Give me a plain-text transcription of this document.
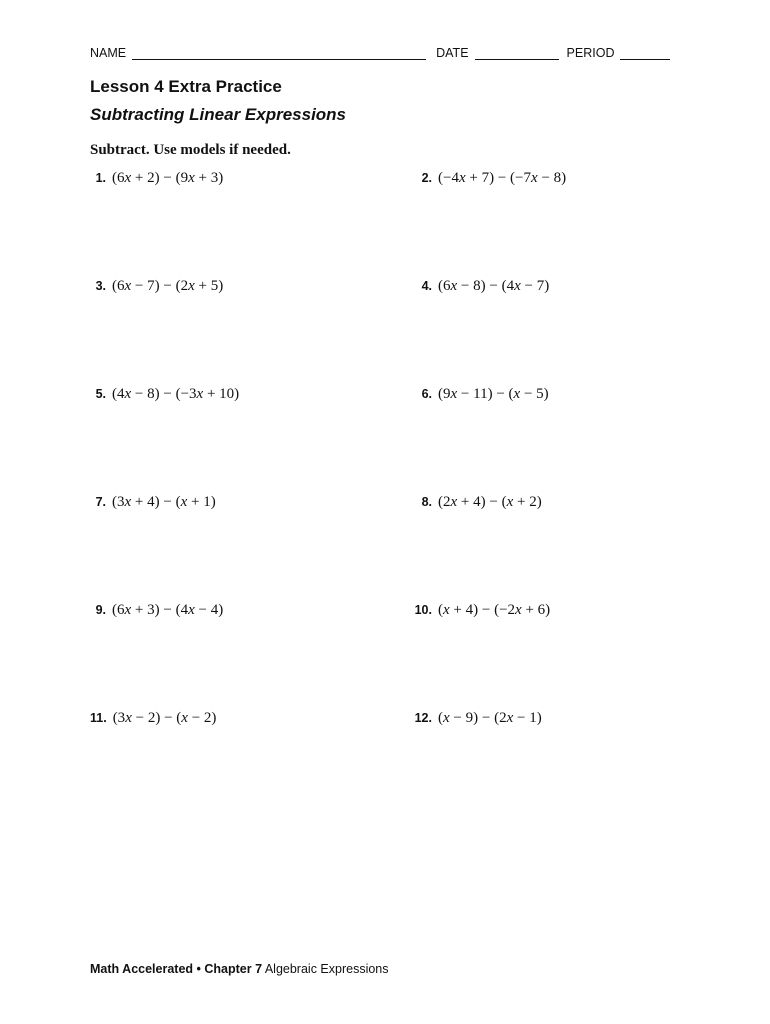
NAME	DATE	PERIOD
Lesson 4 Extra Practice
Subtracting Linear Expressions
Subtract. Use models if needed.
1. (6x + 2) − (9x + 3)	2. (−4x + 7) − (−7x − 8)
3. (6x − 7) − (2x + 5)	4. (6x − 8) − (4x − 7)
5. (4x − 8) − (−3x + 10)	6. (9x − 11) − (x − 5)
7. (3x + 4) − (x + 1)	8. (2x + 4) − (x + 2)
9. (6x + 3) − (4x − 4)	10. (x + 4) − (−2x + 6)
11. (3x − 2) − (x − 2)	12. (x − 9) − (2x − 1)
Math Accelerated • Chapter 7 Algebraic Expressions
